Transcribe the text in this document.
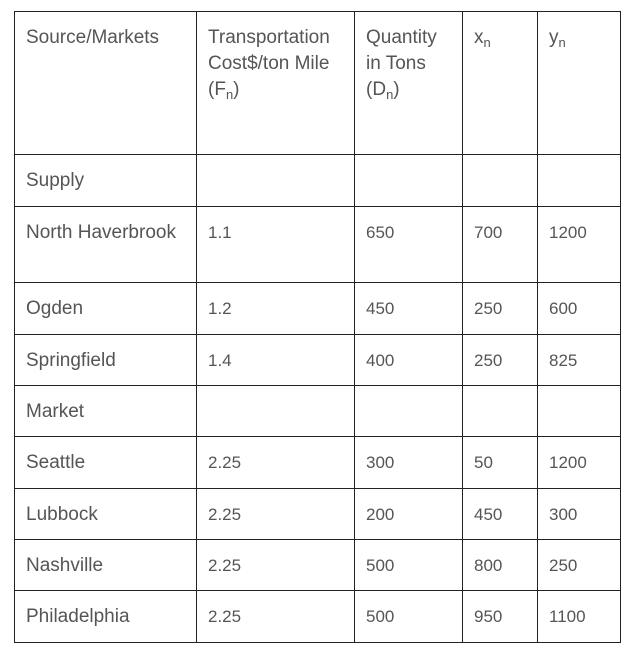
Source/Markets	Transportation Cost$/ton Mile $(F_n)$	Quantity in Tons $(D_n)$	$x_n$	$y_n$
Supply				
North Haverbrook	1.1	650	700	1200
Ogden	1.2	450	250	600
Springfield	1.4	400	250	825
Market				
Seattle	2.25	300	50	1200
Lubbock	2.25	200	450	300
Nashville	2.25	500	800	250
Philadelphia	2.25	500	950	1100
